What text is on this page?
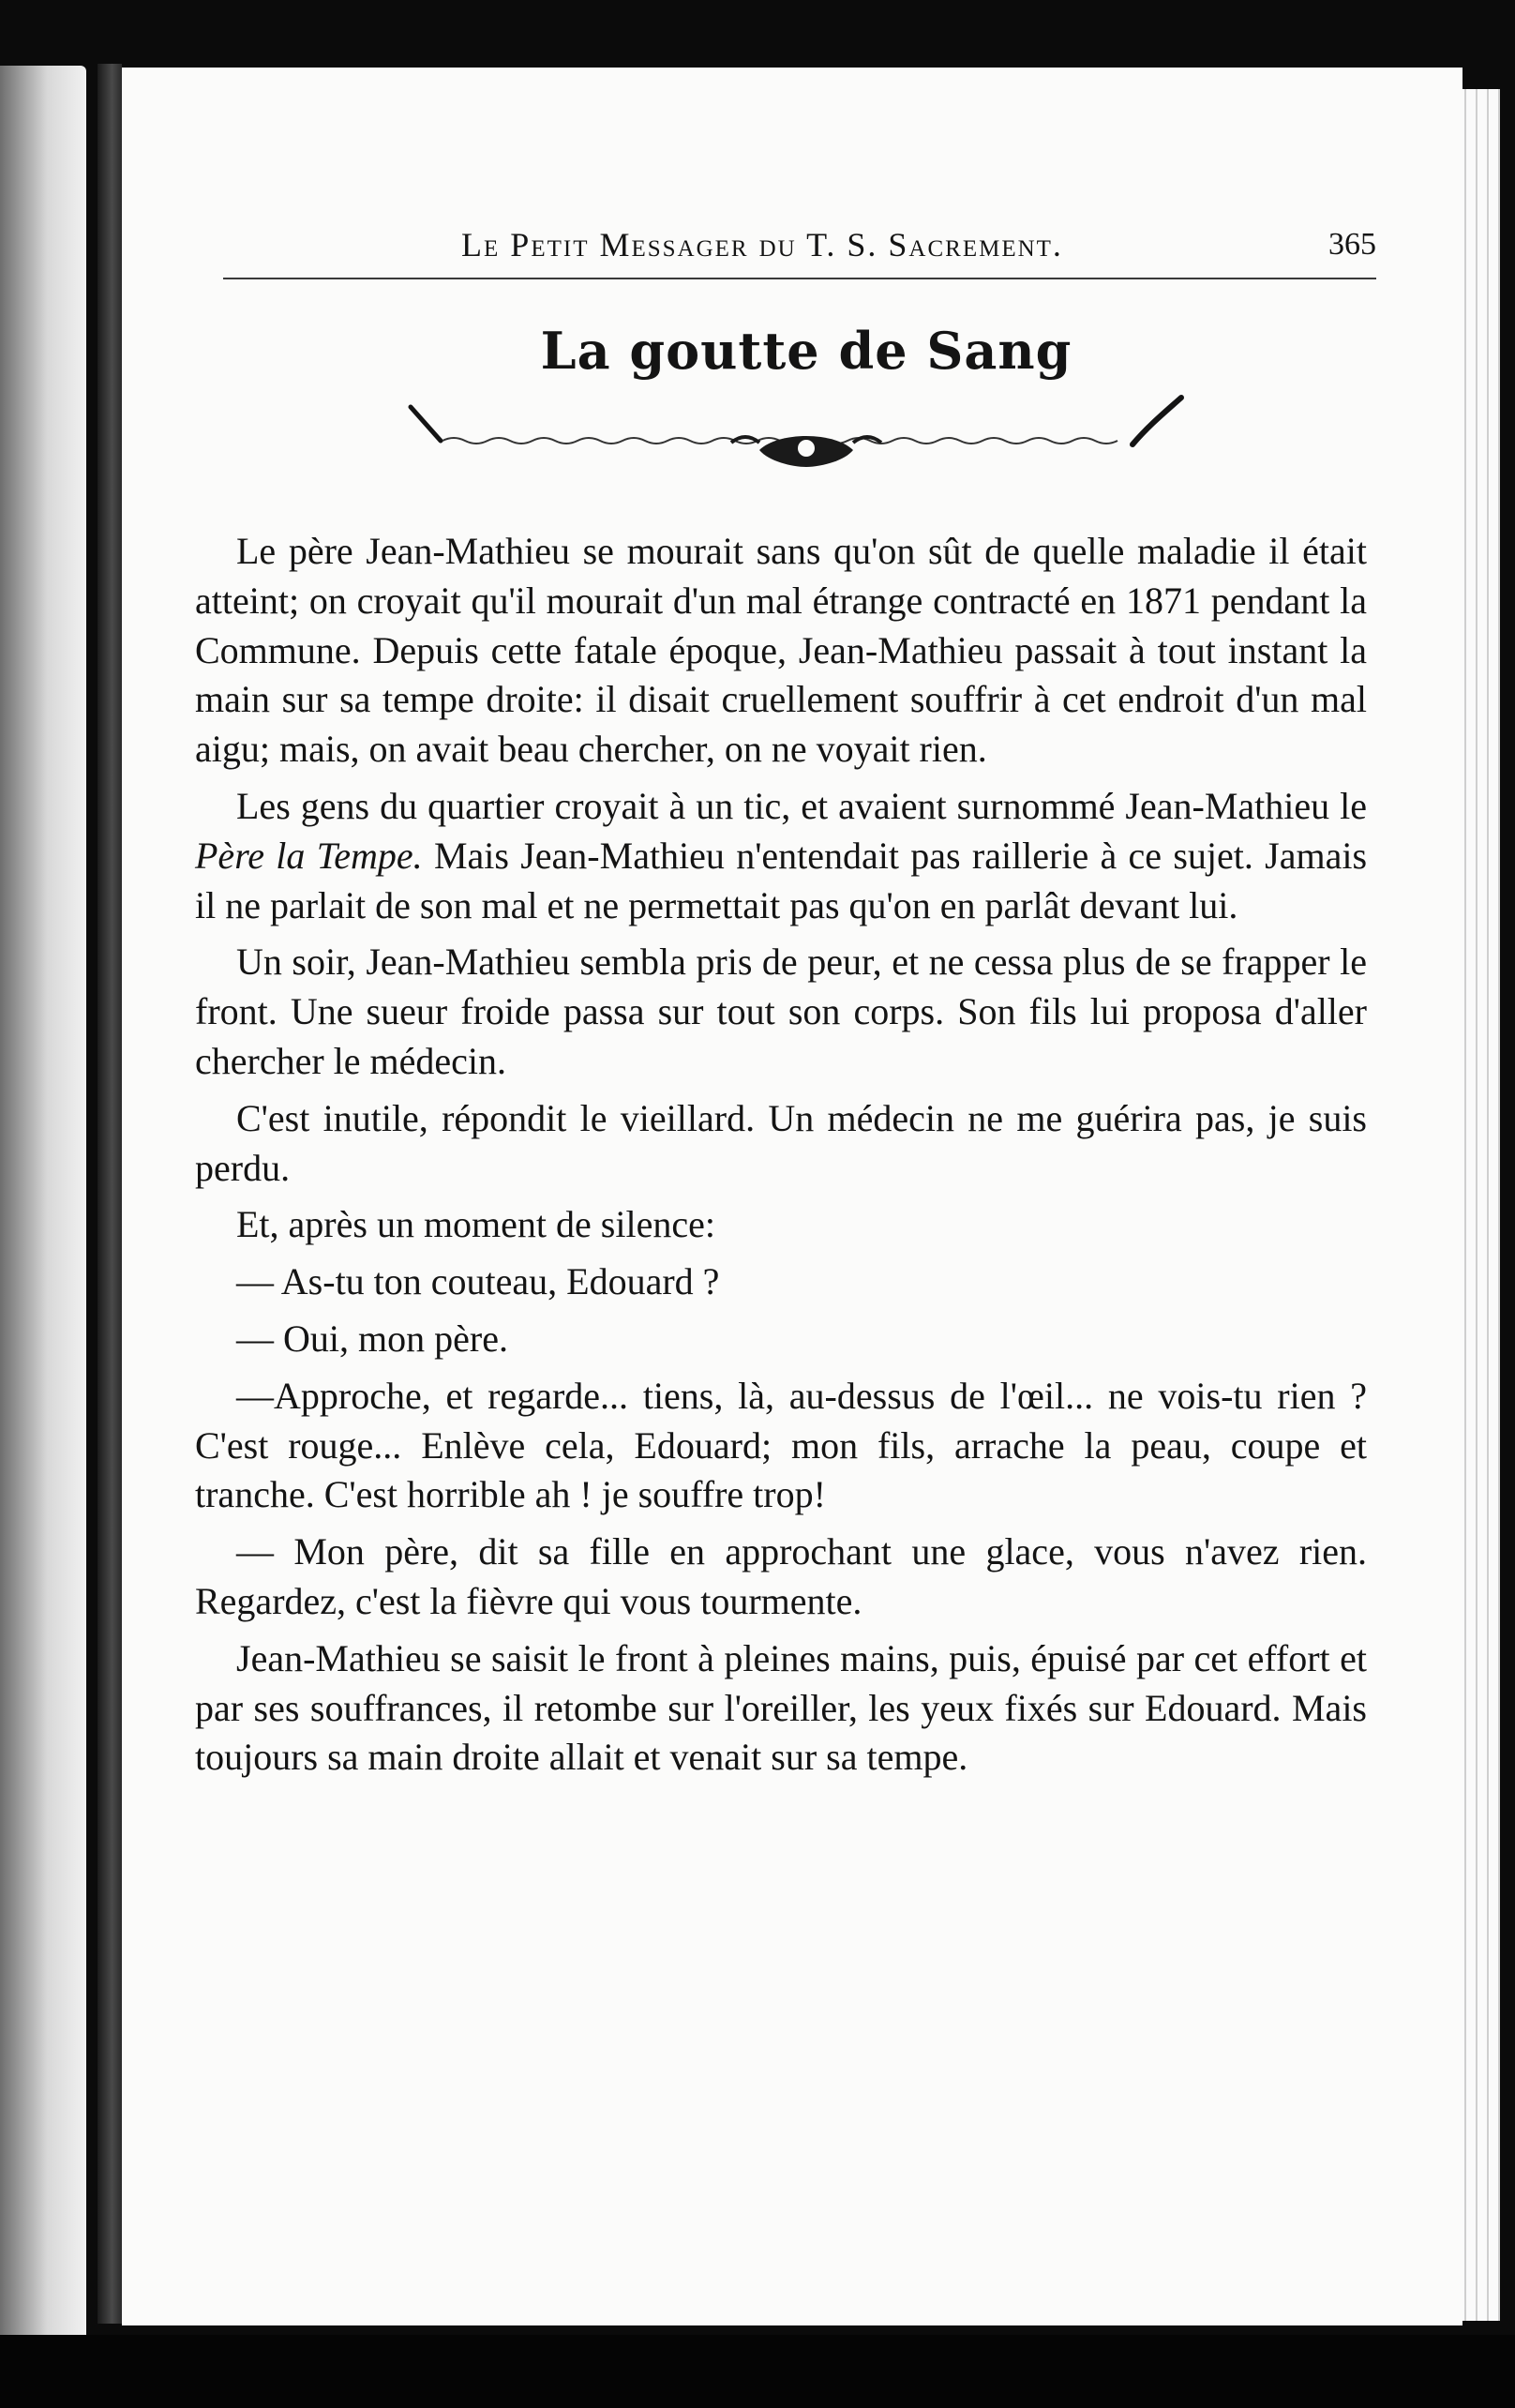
Le Petit Messager du T. S. Sacrement.	365
La goutte de Sang

Le père Jean-Mathieu se mourait sans qu'on sût de quelle maladie il était atteint; on croyait qu'il mourait d'un mal étrange contracté en 1871 pendant la Commune. Depuis cette fatale époque, Jean-Mathieu passait à tout instant la main sur sa tempe droite: il disait cruellement souffrir à cet endroit d'un mal aigu; mais, on avait beau chercher, on ne voyait rien.

Les gens du quartier croyait à un tic, et avaient surnommé Jean-Mathieu le Père la Tempe. Mais Jean-Mathieu n'entendait pas raillerie à ce sujet. Jamais il ne parlait de son mal et ne permettait pas qu'on en parlât devant lui.

Un soir, Jean-Mathieu sembla pris de peur, et ne cessa plus de se frapper le front. Une sueur froide passa sur tout son corps. Son fils lui proposa d'aller chercher le médecin.

C'est inutile, répondit le vieillard. Un médecin ne me guérira pas, je suis perdu.

Et, après un moment de silence:

— As-tu ton couteau, Edouard ?

— Oui, mon père.

—Approche, et regarde... tiens, là, au-dessus de l'œil... ne vois-tu rien ? C'est rouge... Enlève cela, Edouard; mon fils, arrache la peau, coupe et tranche. C'est horrible ah ! je souffre trop!

— Mon père, dit sa fille en approchant une glace, vous n'avez rien. Regardez, c'est la fièvre qui vous tourmente.

Jean-Mathieu se saisit le front à pleines mains, puis, épuisé par cet effort et par ses souffrances, il retombe sur l'oreiller, les yeux fixés sur Edouard. Mais toujours sa main droite allait et venait sur sa tempe.
